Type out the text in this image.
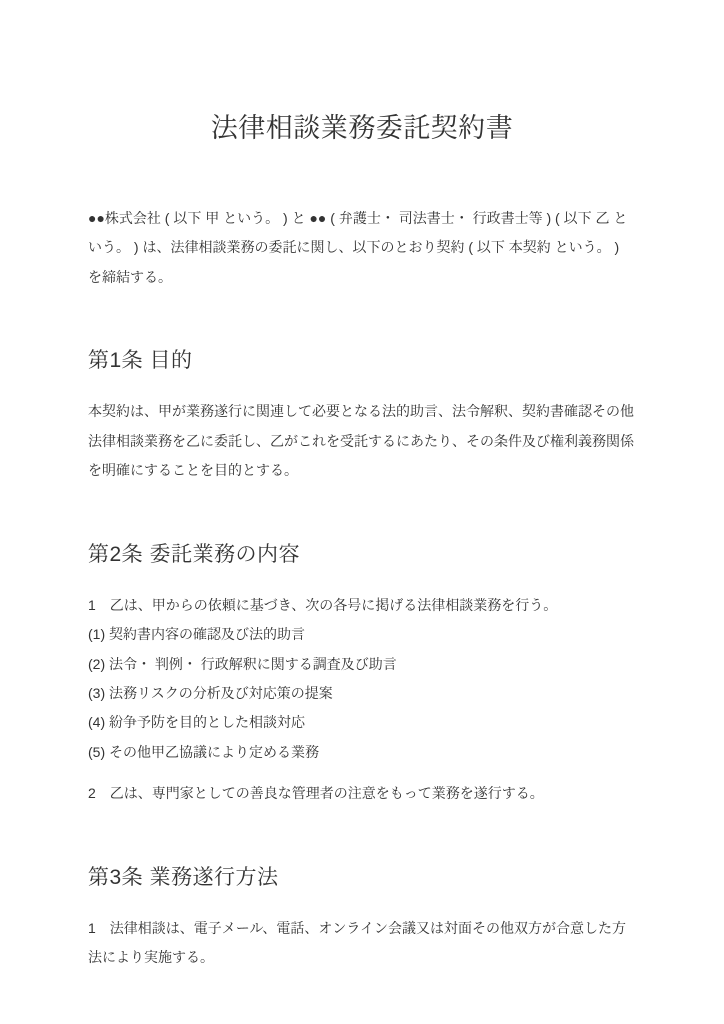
法律相談業務委託契約書

●●株式会社 ( 以下 甲 という。 ) と ●● ( 弁護士・ 司法書士・ 行政書士等 ) ( 以下 乙 という。 ) は、法律相談業務の委託に関し、以下のとおり契約 ( 以下 本契約 という。 ) を締結する。

第1条 目的

本契約は、甲が業務遂行に関連して必要となる法的助言、法令解釈、契約書確認その他法律相談業務を乙に委託し、乙がこれを受託するにあたり、その条件及び権利義務関係を明確にすることを目的とする。

第2条 委託業務の内容

1　乙は、甲からの依頼に基づき、次の各号に掲げる法律相談業務を行う。

(1) 契約書内容の確認及び法的助言

(2) 法令・ 判例・ 行政解釈に関する調査及び助言

(3) 法務リスクの分析及び対応策の提案

(4) 紛争予防を目的とした相談対応

(5) その他甲乙協議により定める業務

2　乙は、専門家としての善良な管理者の注意をもって業務を遂行する。

第3条 業務遂行方法

1　法律相談は、電子メール、電話、オンライン会議又は対面その他双方が合意した方法により実施する。
